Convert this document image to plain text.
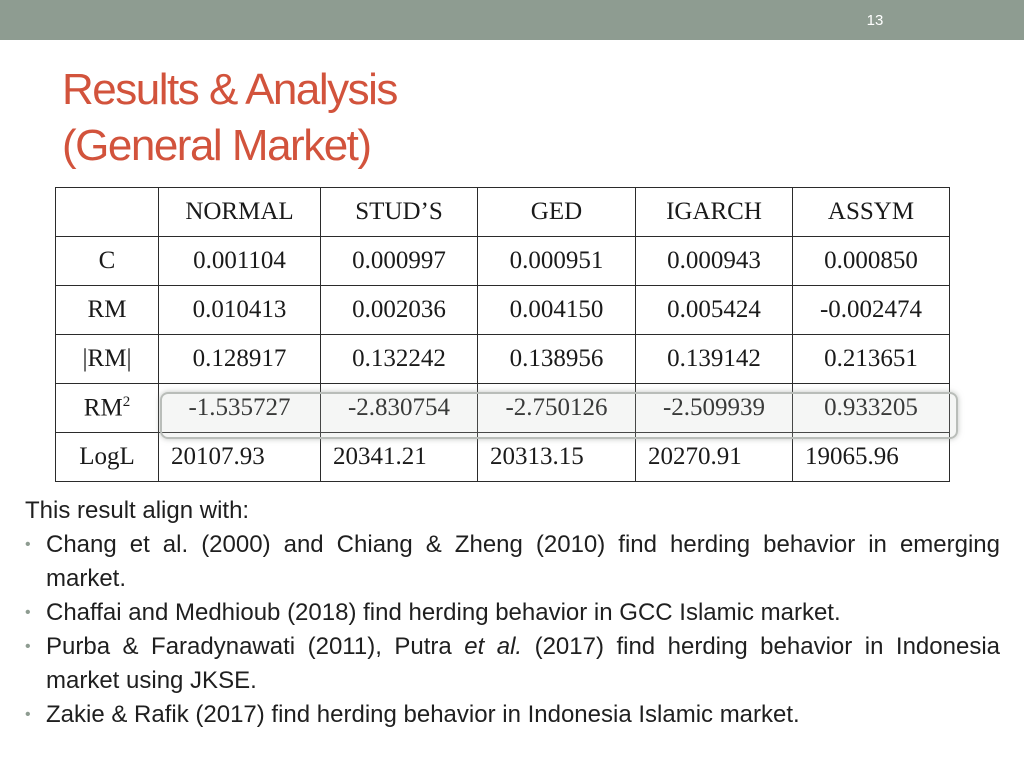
13
Results & Analysis
(General Market)
	NORMAL	STUD’S	GED	IGARCH	ASSYM
C	0.001104	0.000997	0.000951	0.000943	0.000850
RM	0.010413	0.002036	0.004150	0.005424	-0.002474
|RM|	0.128917	0.132242	0.138956	0.139142	0.213651
$RM^2$	-1.535727	-2.830754	-2.750126	-2.509939	0.933205
LogL	20107.93	20341.21	20313.15	20270.91	19065.96

This result align with:

• Chang et al. (2000) and Chiang & Zheng (2010) find herding behavior in emerging market.
• Chaffai and Medhioub (2018) find herding behavior in GCC Islamic market.
• Purba & Faradynawati (2011), Putra et al. (2017) find herding behavior in Indonesia market using JKSE.
• Zakie & Rafik (2017) find herding behavior in Indonesia Islamic market.
